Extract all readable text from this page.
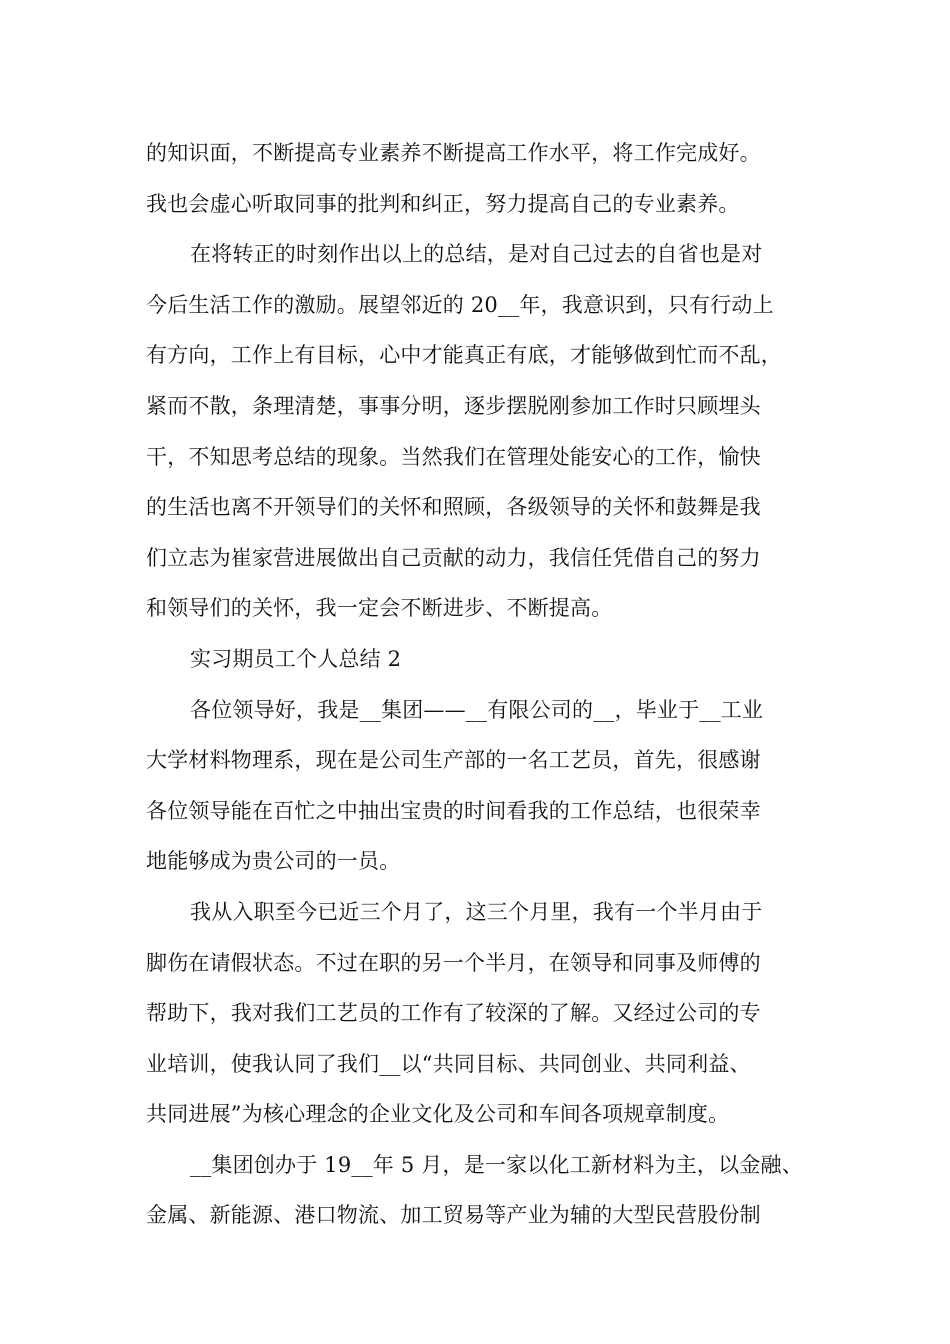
的知识面，不断提高专业素养不断提高工作水平，将工作完成好。
我也会虚心听取同事的批判和纠正，努力提高自己的专业素养。
在将转正的时刻作出以上的总结，是对自己过去的自省也是对
今后生活工作的激励。展望邻近的 20__年，我意识到，只有行动上
有方向，工作上有目标，心中才能真正有底，才能够做到忙而不乱，
紧而不散，条理清楚，事事分明，逐步摆脱刚参加工作时只顾埋头
干，不知思考总结的现象。当然我们在管理处能安心的工作，愉快
的生活也离不开领导们的关怀和照顾，各级领导的关怀和鼓舞是我
们立志为崔家营进展做出自己贡献的动力，我信任凭借自己的努力
和领导们的关怀，我一定会不断进步、不断提高。
实习期员工个人总结 2
各位领导好，我是__集团——__有限公司的__，毕业于__工业
大学材料物理系，现在是公司生产部的一名工艺员，首先，很感谢
各位领导能在百忙之中抽出宝贵的时间看我的工作总结，也很荣幸
地能够成为贵公司的一员。
我从入职至今已近三个月了，这三个月里，我有一个半月由于
脚伤在请假状态。不过在职的另一个半月，在领导和同事及师傅的
帮助下，我对我们工艺员的工作有了较深的了解。又经过公司的专
业培训，使我认同了我们__以“共同目标、共同创业、共同利益、
共同进展”为核心理念的企业文化及公司和车间各项规章制度。
__集团创办于 19__年 5 月，是一家以化工新材料为主，以金融、
金属、新能源、港口物流、加工贸易等产业为辅的大型民营股份制
